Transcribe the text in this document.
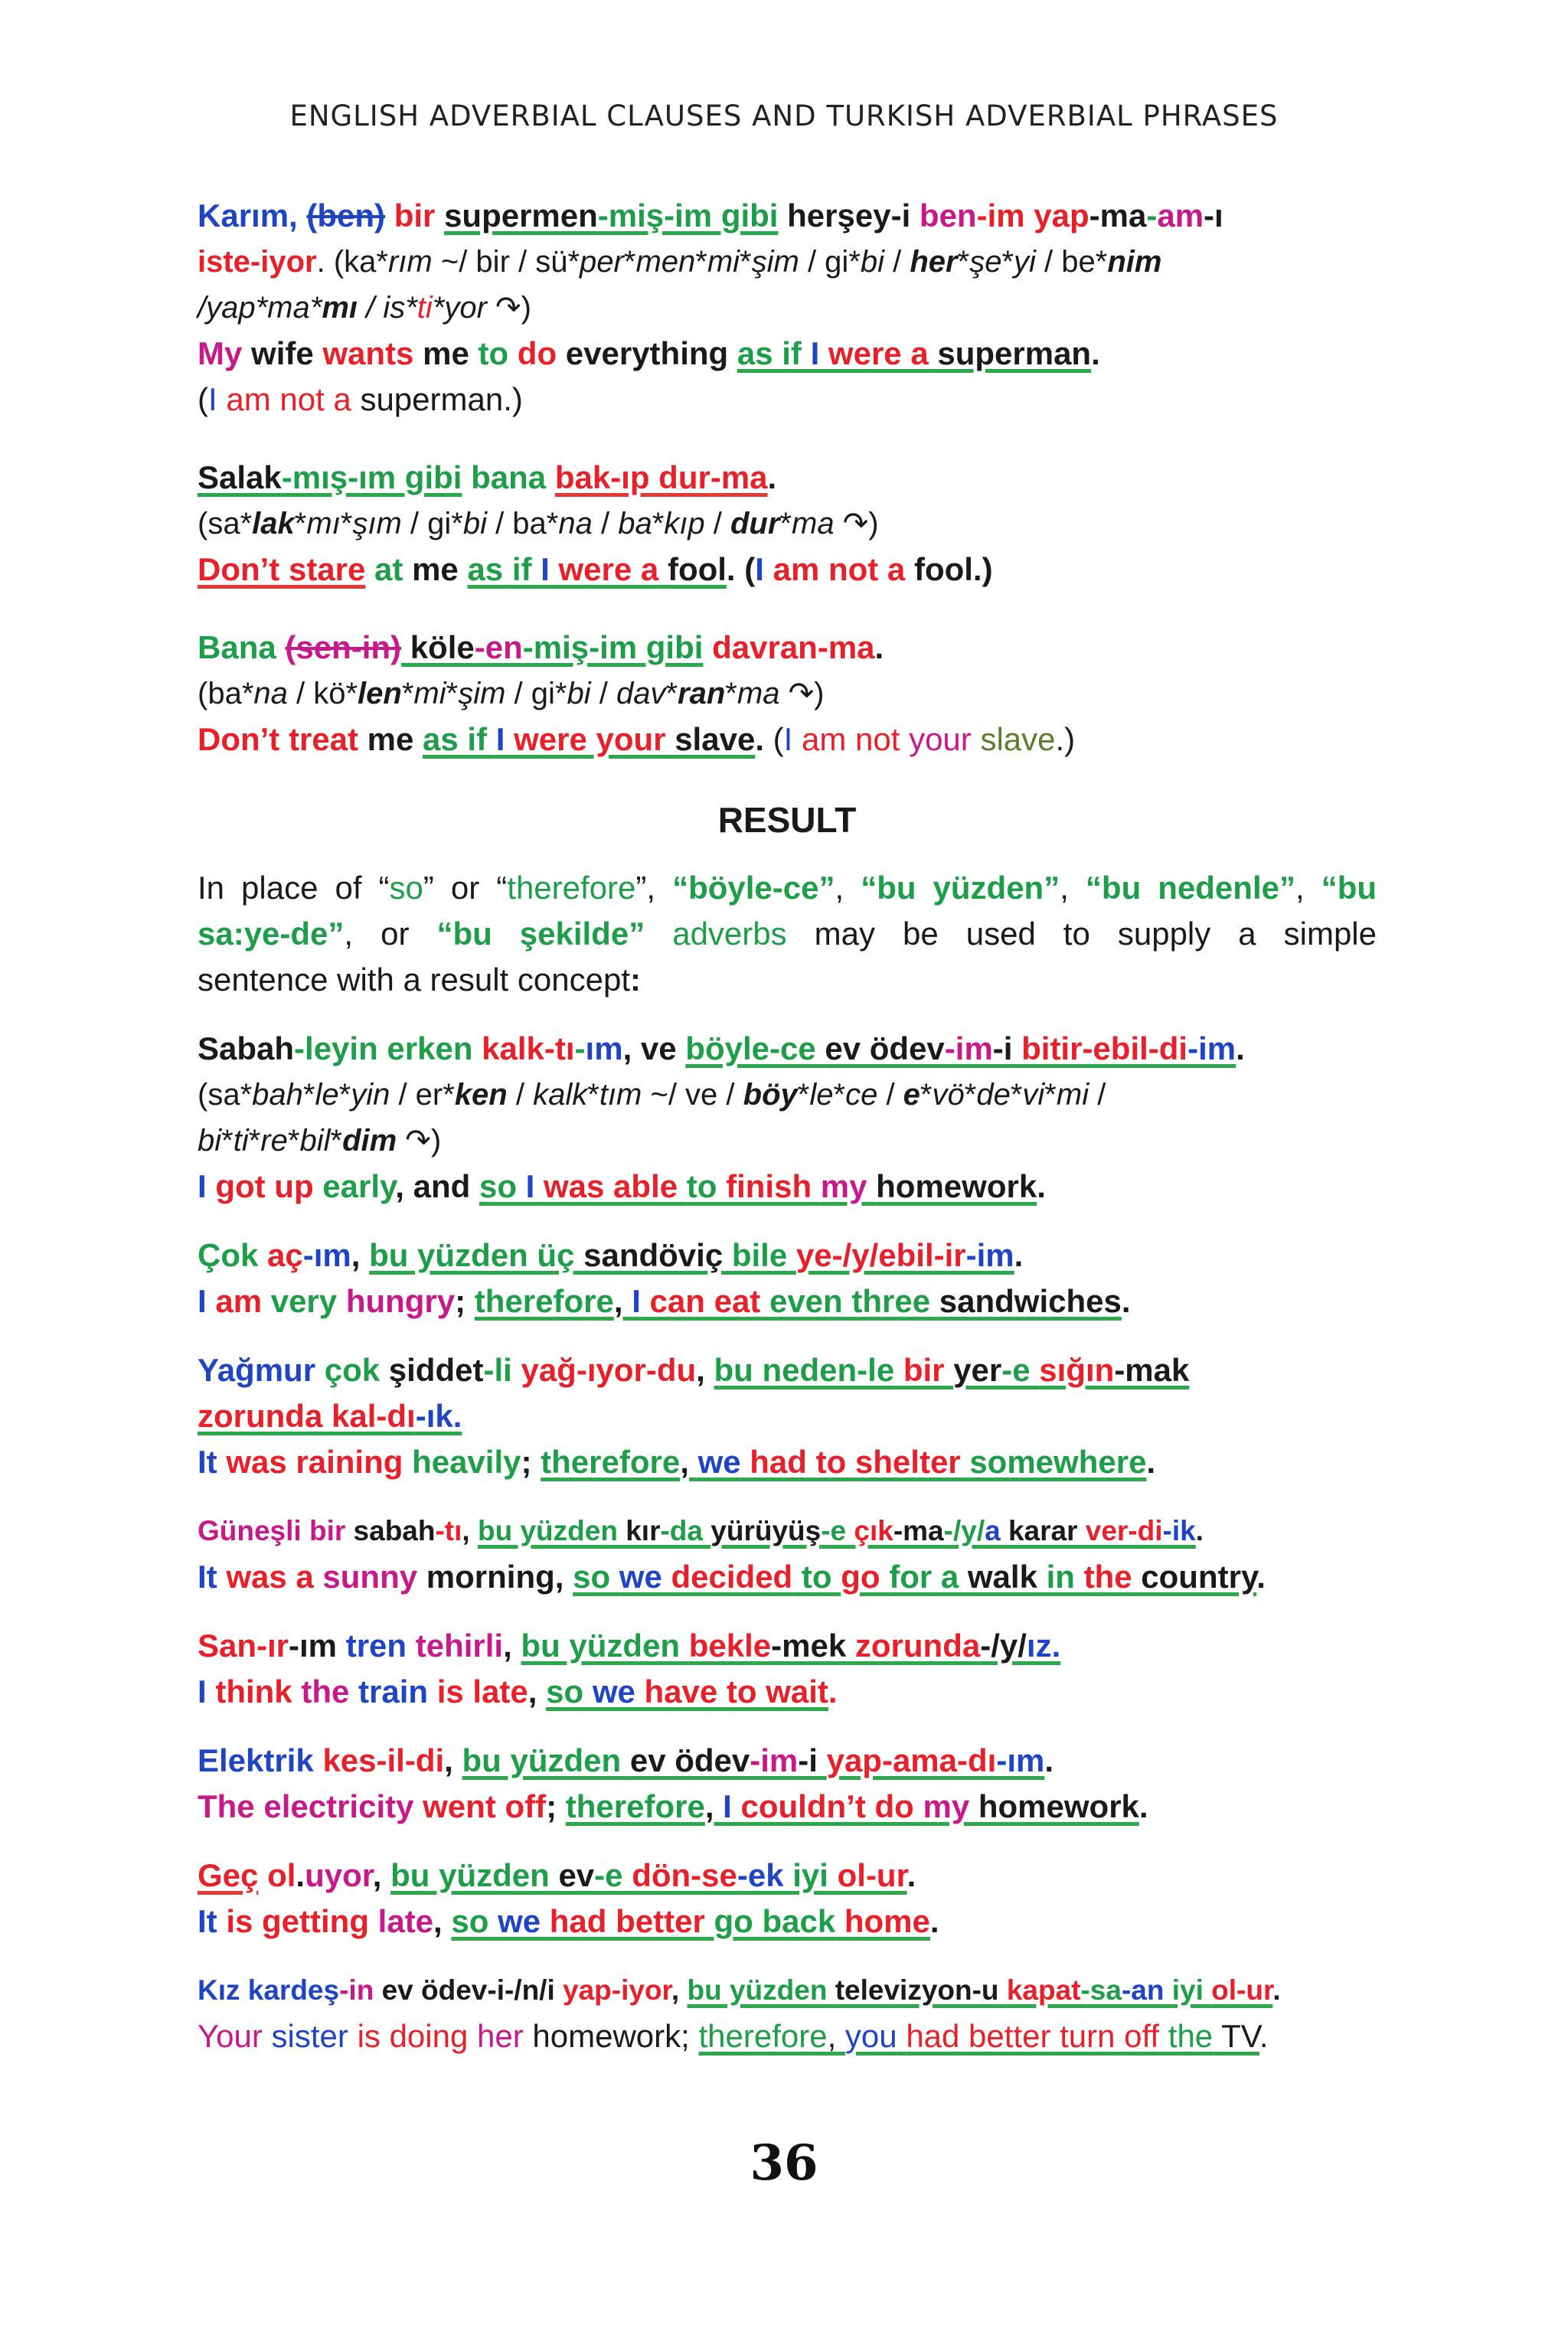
ENGLISH ADVERBIAL CLAUSES AND TURKISH ADVERBIAL PHRASES

Karım, (ben) bir supermen-miş-im gibi herşey-i ben-im yap-ma-am-ı

iste-iyor. (ka*rım ~/ bir / sü*per*men*mi*şim / gi*bi / her*şe*yi / be*nim

/yap*ma*mı / is*ti*yor ↷)

My wife wants me to do everything as if I were a superman.

(I am not a superman.)

Salak-mış-ım gibi bana bak-ıp dur-ma.

(sa*lak*mı*şım / gi*bi / ba*na / ba*kıp / dur*ma ↷)

Don’t stare at me as if I were a fool. (I am not a fool.)

Bana (sen-in) köle-en-miş-im gibi davran-ma.

(ba*na / kö*len*mi*şim / gi*bi / dav*ran*ma ↷)

Don’t treat me as if I were your slave. (I am not your slave.)

RESULT

In place of “so” or “therefore”, “böyle-ce”, “bu yüzden”, “bu nedenle”, “bu

sa:ye-de”, or “bu şekilde” adverbs may be used to supply a simple

sentence with a result concept:

Sabah-leyin erken kalk-tı-ım, ve böyle-ce ev ödev-im-i bitir-ebil-di-im.

(sa*bah*le*yin / er*ken / kalk*tım ~/ ve / böy*le*ce / e*vö*de*vi*mi /

bi*ti*re*bil*dim ↷)

I got up early, and so I was able to finish my homework.

Çok aç-ım, bu yüzden üç sandöviç bile ye-/y/ebil-ir-im.

I am very hungry; therefore, I can eat even three sandwiches.

Yağmur çok şiddet-li yağ-ıyor-du, bu neden-le bir yer-e sığın-mak

zorunda kal-dı-ık.

It was raining heavily; therefore, we had to shelter somewhere.

Güneşli bir sabah-tı, bu yüzden kır-da yürüyüş-e çık-ma-/y/a karar ver-di-ik.

It was a sunny morning, so we decided to go for a walk in the country.

San-ır-ım tren tehirli, bu yüzden bekle-mek zorunda-/y/ız.

I think the train is late, so we have to wait.

Elektrik kes-il-di, bu yüzden ev ödev-im-i yap-ama-dı-ım.

The electricity went off; therefore, I couldn’t do my homework.

Geç ol.uyor, bu yüzden ev-e dön-se-ek iyi ol-ur.

It is getting late, so we had better go back home.

Kız kardeş-in ev ödev-i-/n/i yap-iyor, bu yüzden televizyon-u kapat-sa-an iyi ol-ur.

Your sister is doing her homework; therefore, you had better turn off the TV.

36
